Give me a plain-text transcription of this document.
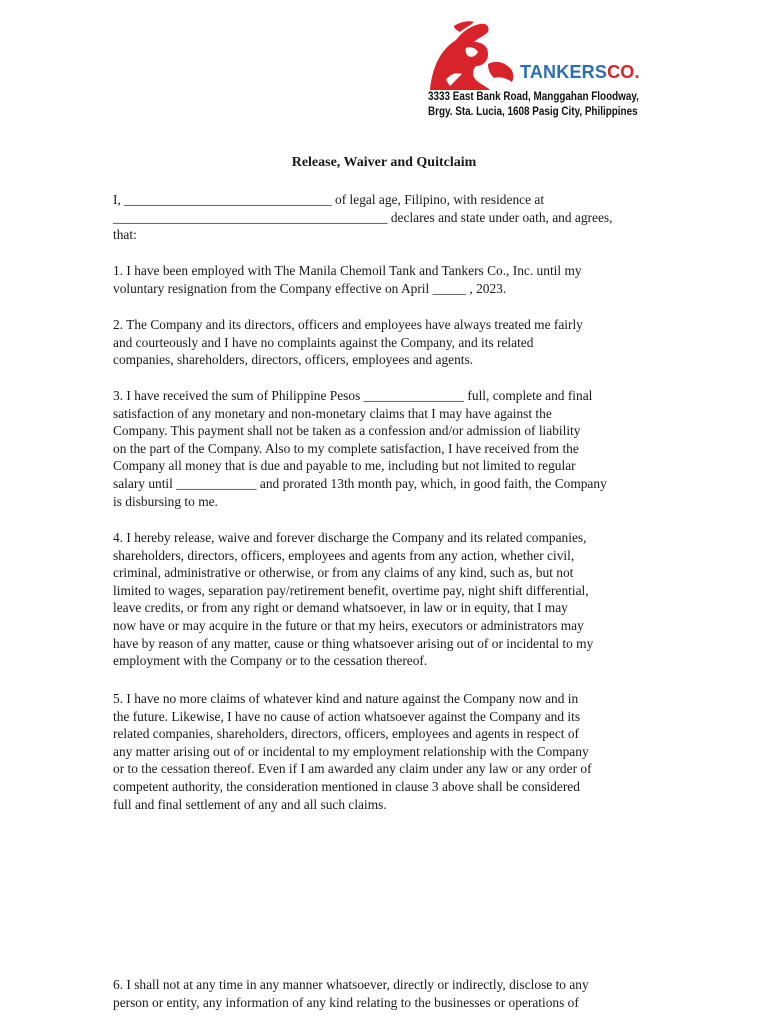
TANKERSCO.
3333 East Bank Road, Manggahan Floodway,
Brgy. Sta. Lucia, 1608 Pasig City, Philippines
Release, Waiver and Quitclaim
I, _______________________________ of legal age, Filipino, with residence at
_________________________________________ declares and state under oath, and agrees,
that:
1. I have been employed with The Manila Chemoil Tank and Tankers Co., Inc. until my
voluntary resignation from the Company effective on April _____ , 2023.
2. The Company and its directors, officers and employees have always treated me fairly
and courteously and I have no complaints against the Company, and its related
companies, shareholders, directors, officers, employees and agents.
3. I have received the sum of Philippine Pesos _______________ full, complete and final
satisfaction of any monetary and non-monetary claims that I may have against the
Company. This payment shall not be taken as a confession and/or admission of liability
on the part of the Company. Also to my complete satisfaction, I have received from the
Company all money that is due and payable to me, including but not limited to regular
salary until ____________ and prorated 13th month pay, which, in good faith, the Company
is disbursing to me.
4. I hereby release, waive and forever discharge the Company and its related companies,
shareholders, directors, officers, employees and agents from any action, whether civil,
criminal, administrative or otherwise, or from any claims of any kind, such as, but not
limited to wages, separation pay/retirement benefit, overtime pay, night shift differential,
leave credits, or from any right or demand whatsoever, in law or in equity, that I may
now have or may acquire in the future or that my heirs, executors or administrators may
have by reason of any matter, cause or thing whatsoever arising out of or incidental to my
employment with the Company or to the cessation thereof.
5. I have no more claims of whatever kind and nature against the Company now and in
the future. Likewise, I have no cause of action whatsoever against the Company and its
related companies, shareholders, directors, officers, employees and agents in respect of
any matter arising out of or incidental to my employment relationship with the Company
or to the cessation thereof. Even if I am awarded any claim under any law or any order of
competent authority, the consideration mentioned in clause 3 above shall be considered
full and final settlement of any and all such claims.
6. I shall not at any time in any manner whatsoever, directly or indirectly, disclose to any
person or entity, any information of any kind relating to the businesses or operations of
